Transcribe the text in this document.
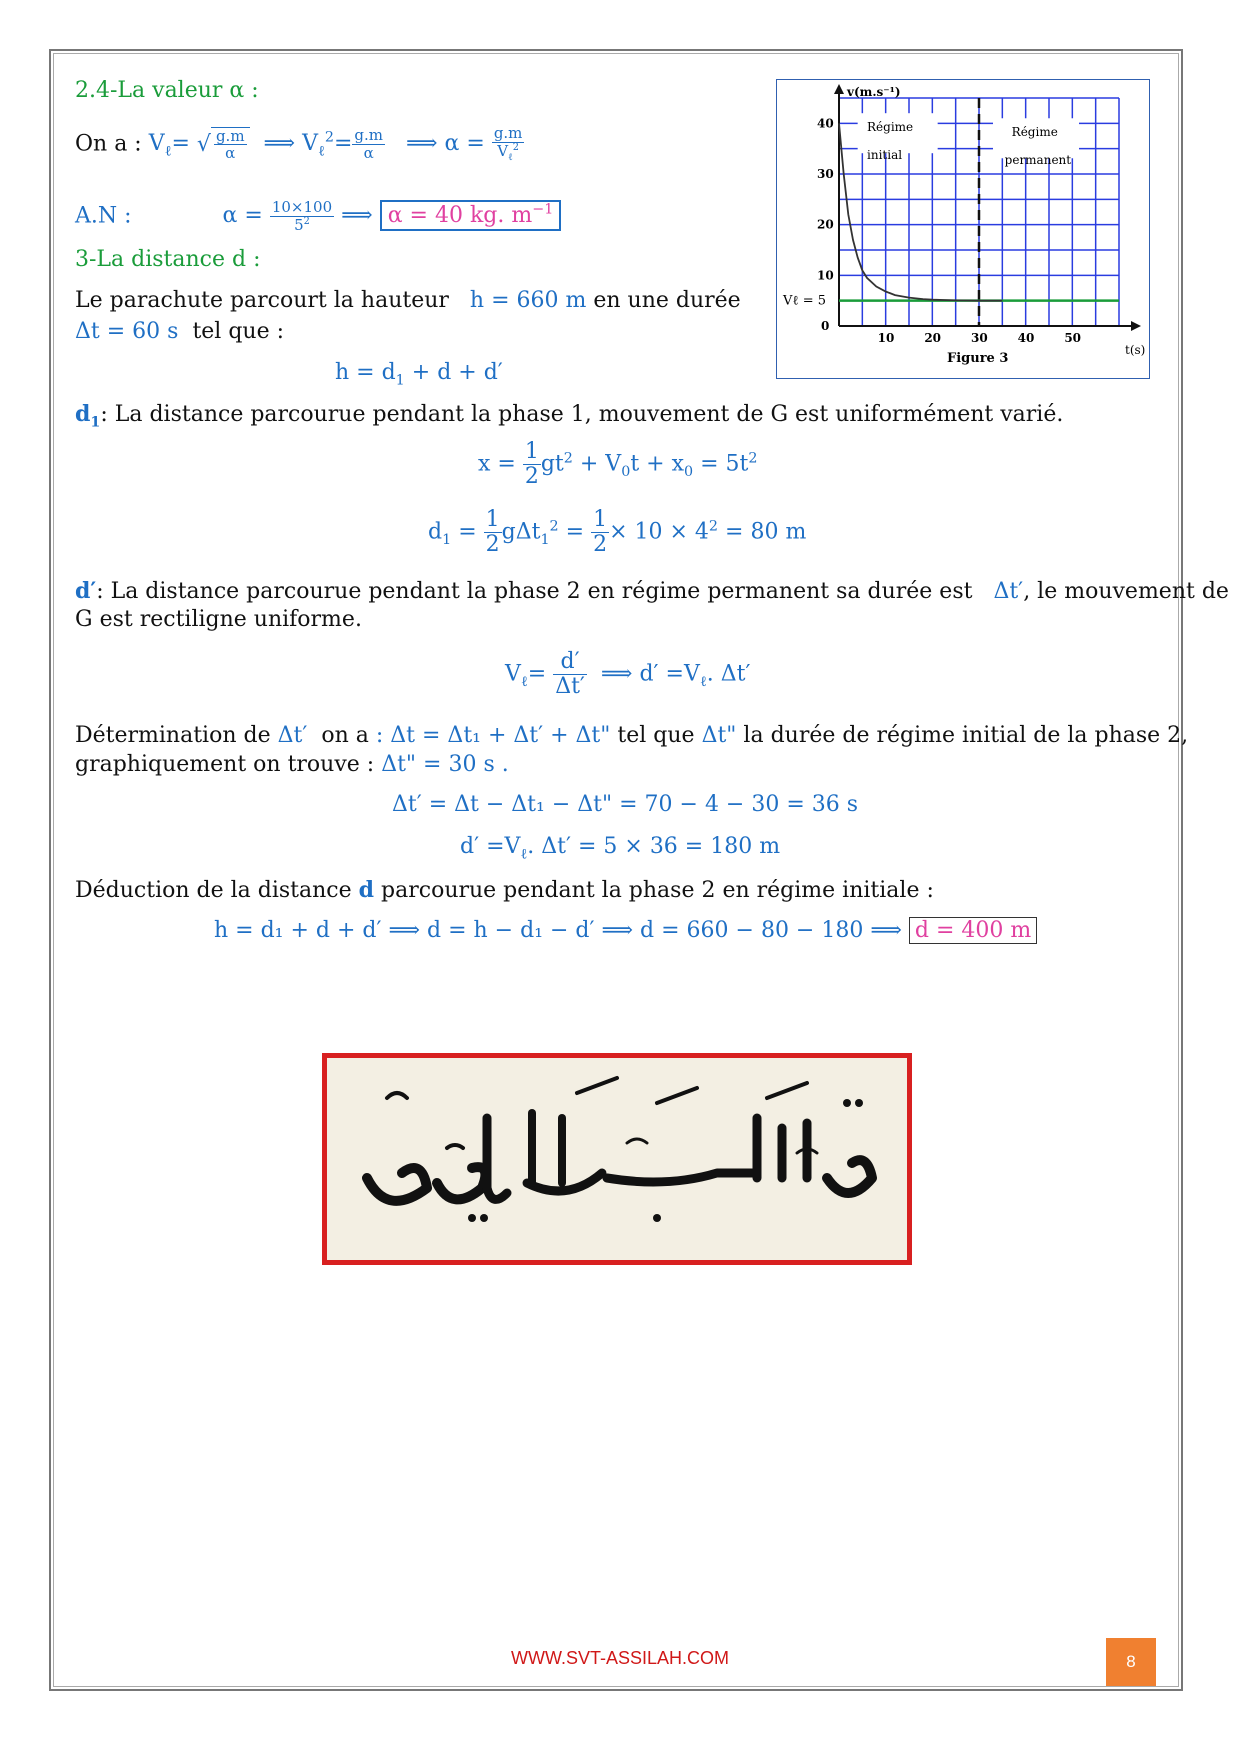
2.4-La valeur α :
On a : $V_\ell=$ √ $\frac{g.m}{\alpha}$ ⟹ $V_\ell^2= \frac{g.m}{\alpha}$ ⟹ $\alpha = \frac{g.m}{V_\ell^2}$
A.N :	$\alpha = \frac{10\times 100}{5^2}$ ⟹ α = 40 kg. $m^{-1}$
3-La distance d :
Le parachute parcourt la hauteur h = 660 m en une durée
Δt = 60 s tel que :
$h = d_1 + d + d'$
v(m.s⁻¹)
t(s)
10 20 30 40 50
10
20
30
40
0
Vℓ = 5
Régime
initial
Régime
permanent
Figure 3
$d_1$: La distance parcourue pendant la phase 1, mouvement de G est uniformément varié.
$x = \frac{1}{2} gt^2 + V_0t + x_0 = 5t^2$
$d_1 = \frac{1}{2} g\Delta t_1^2 = \frac{1}{2} \times 10 \times 4^2 = 80$ m
d′: La distance parcourue pendant la phase 2 en régime permanent sa durée est Δt′, le mouvement de
G est rectiligne uniforme.
$V_\ell= \frac{d'}{\Delta t'}$ ⟹ $d' =V_\ell$. Δt′
Détermination de Δt′ on a : Δt = Δt₁ + Δt′ + Δt" tel que Δt" la durée de régime initial de la phase 2,
graphiquement on trouve : Δt" = 30 s .
Δt′ = Δt − Δt₁ − Δt" = 70 − 4 − 30 = 36 s
$d' =V_\ell$. Δt′ = 5 × 36 = 180 m
Déduction de la distance d parcourue pendant la phase 2 en régime initiale :
h = d₁ + d + d′ ⟹ d = h − d₁ − d′ ⟹ d = 660 − 80 − 180 ⟹ d = 400 m
WWW.SVT-ASSILAH.COM	8
